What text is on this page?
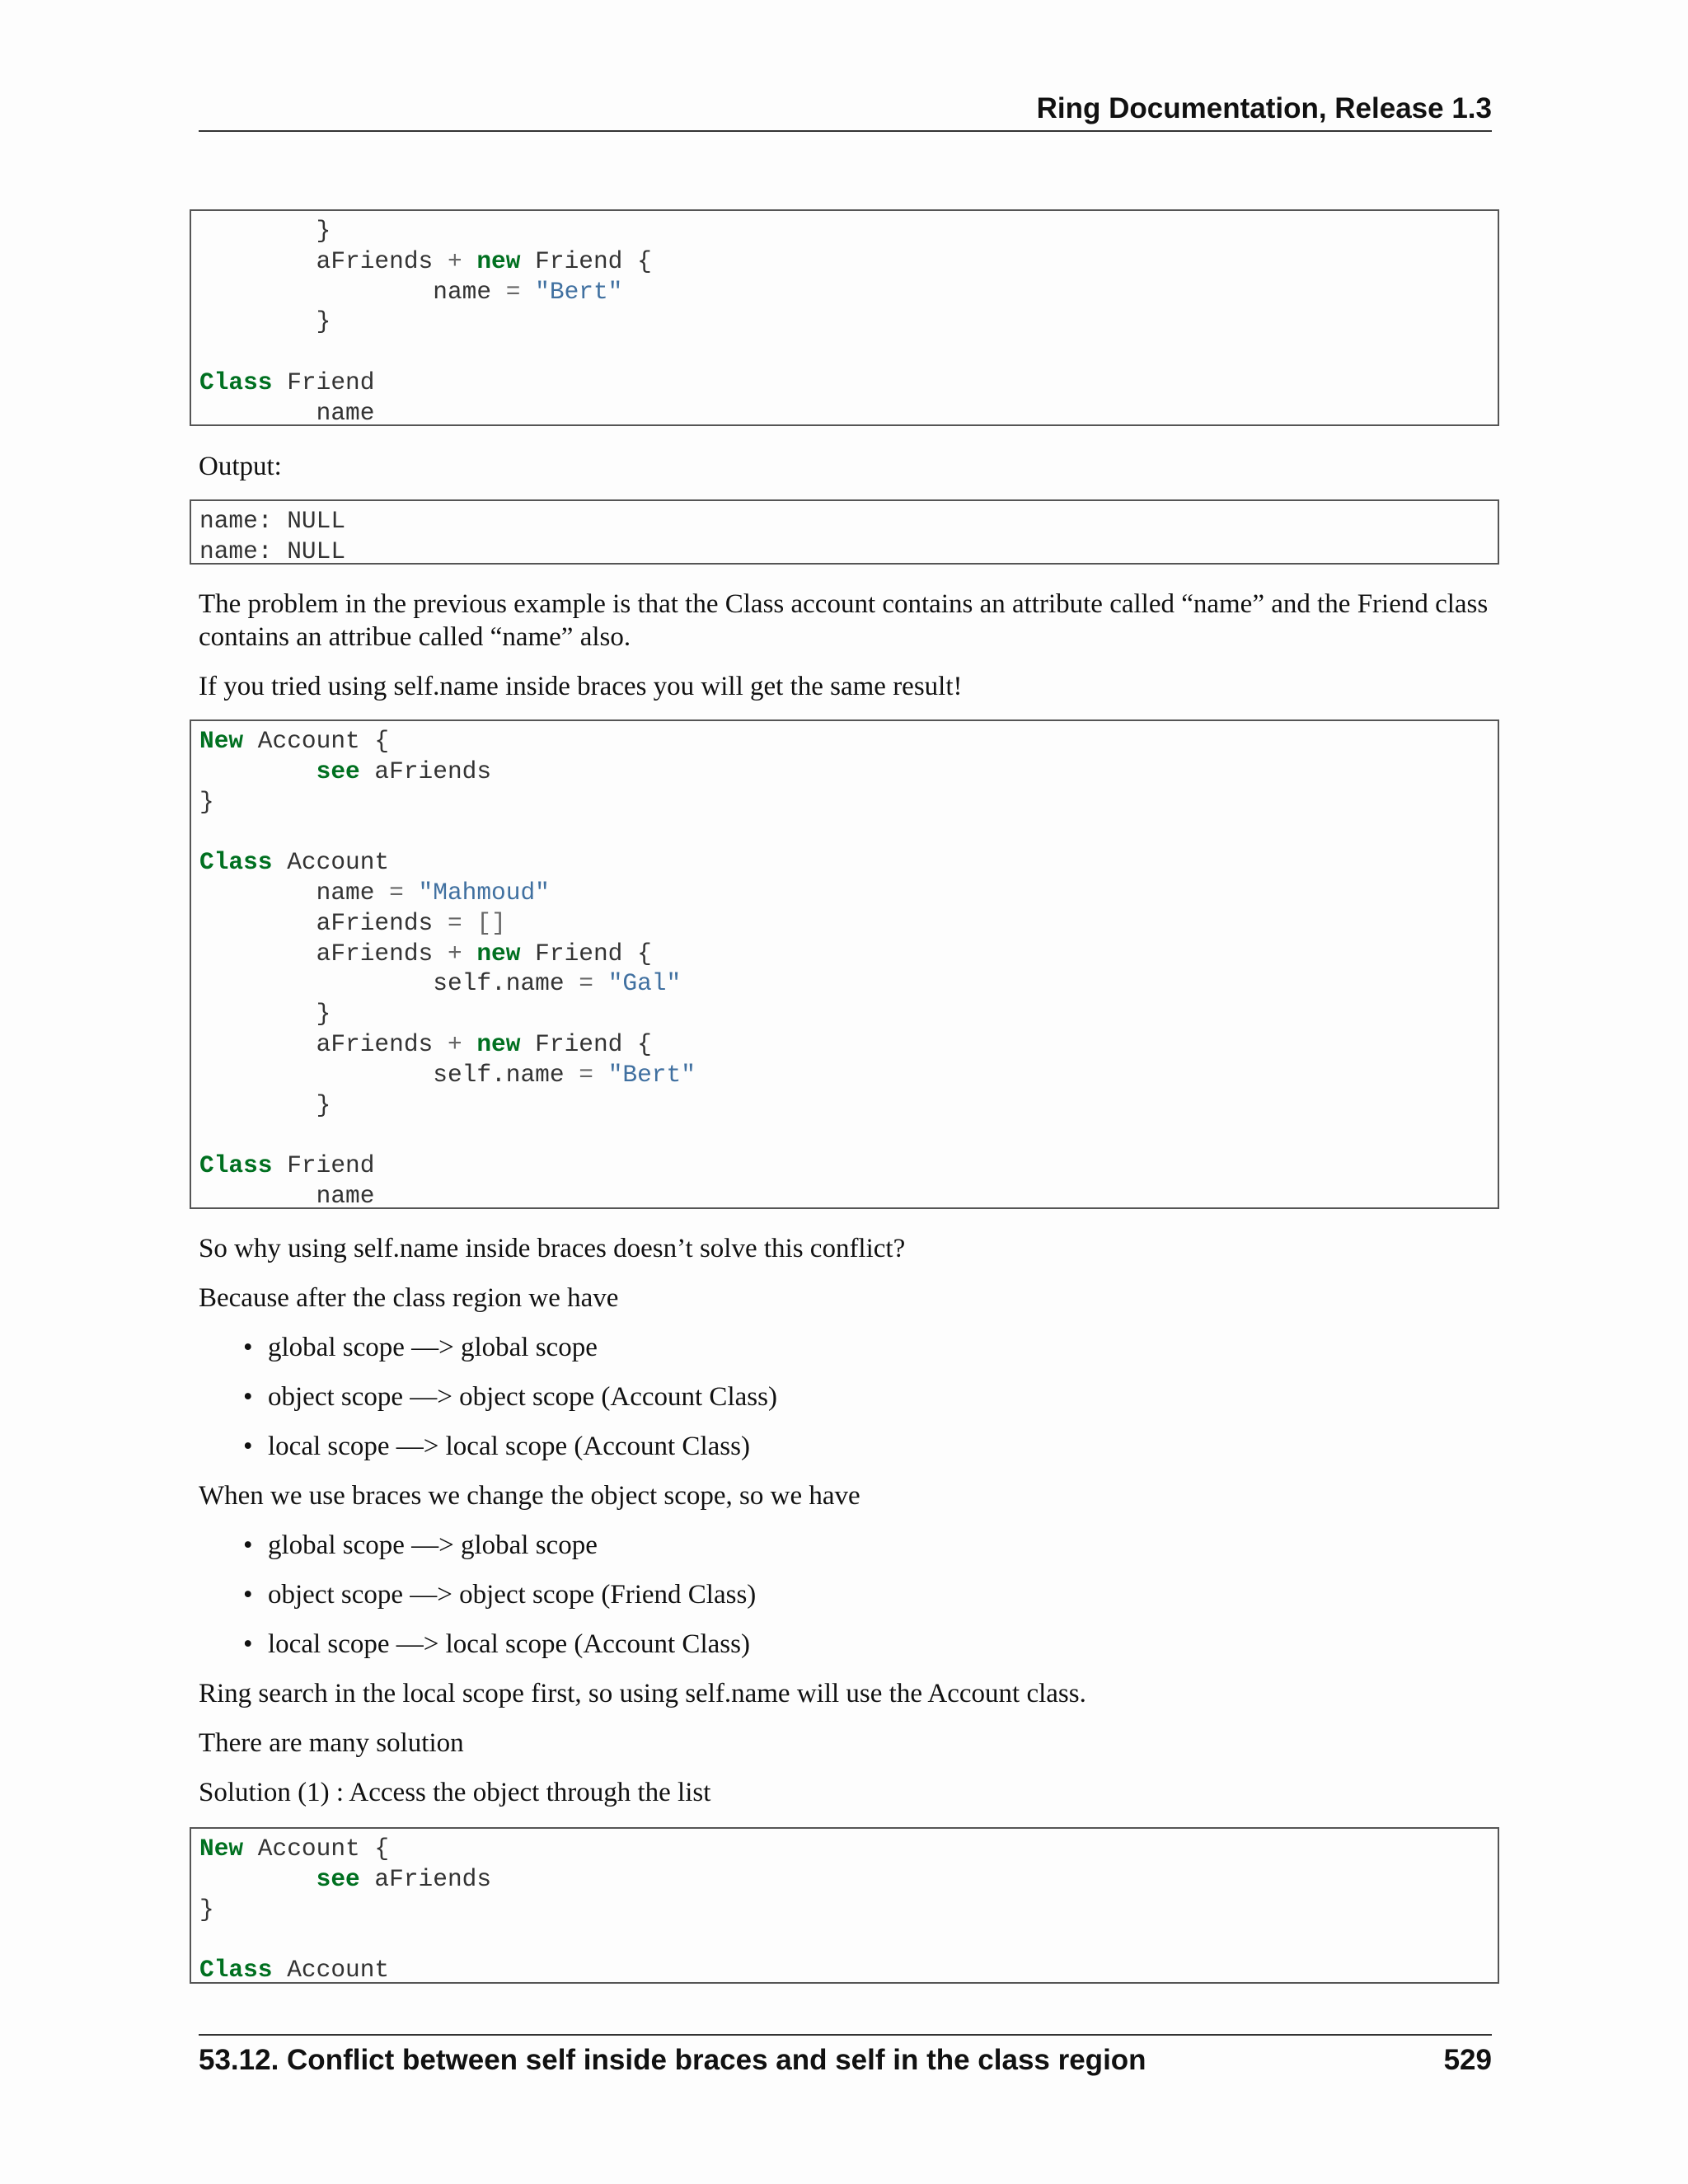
Ring Documentation, Release 1.3
}
aFriends + new Friend {
name = "Bert"
}

Class Friend
name

Output:

name: NULL
name: NULL

The problem in the previous example is that the Class account contains an attribute called “name” and the Friend class contains an attribue called “name” also.

If you tried using self.name inside braces you will get the same result!

New Account {
see aFriends
}

Class Account
name = "Mahmoud"
aFriends = []
aFriends + new Friend {
self.name = "Gal"
}
aFriends + new Friend {
self.name = "Bert"
}

Class Friend
name

So why using self.name inside braces doesn’t solve this conflict?

Because after the class region we have

• global scope —> global scope
• object scope —> object scope (Account Class)
• local scope —> local scope (Account Class)

When we use braces we change the object scope, so we have

• global scope —> global scope
• object scope —> object scope (Friend Class)
• local scope —> local scope (Account Class)

Ring search in the local scope first, so using self.name will use the Account class.

There are many solution

Solution (1) : Access the object through the list

New Account {
see aFriends
}

Class Account
53.12. Conflict between self inside braces and self in the class region	529
